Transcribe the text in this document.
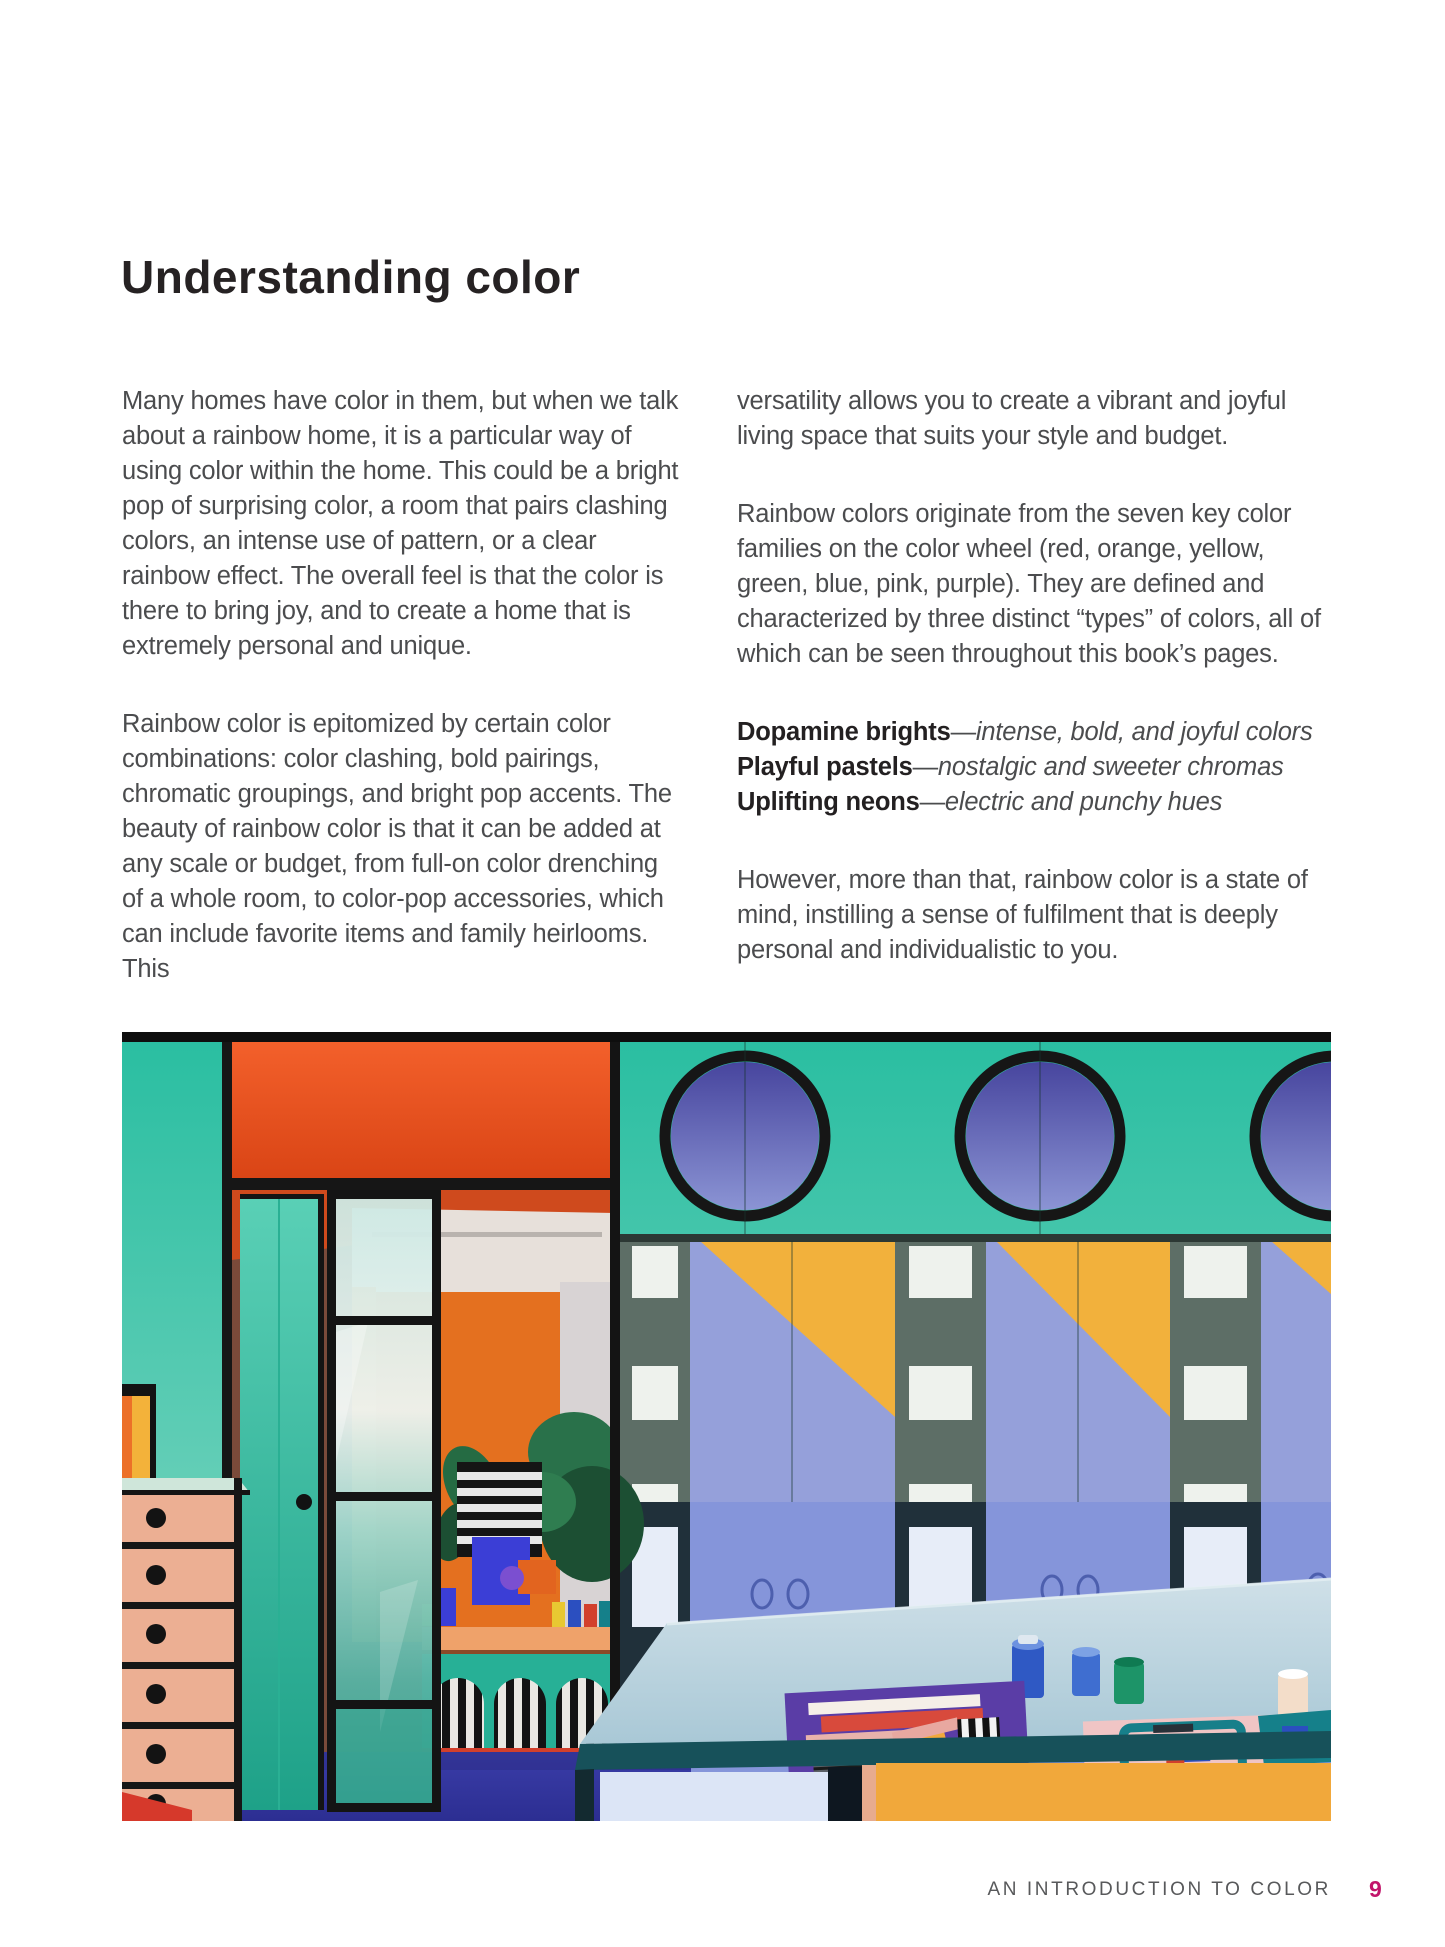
Understanding color

Many homes have color in them, but when we talk about a rainbow home, it is a particular way of using color within the home. This could be a bright pop of surprising color, a room that pairs clashing colors, an intense use of pattern, or a clear rainbow effect. The overall feel is that the color is there to bring joy, and to create a home that is extremely personal and unique.

Rainbow color is epitomized by certain color combinations: color clashing, bold pairings, chromatic groupings, and bright pop accents. The beauty of rainbow color is that it can be added at any scale or budget, from full-on color drenching of a whole room, to color-pop accessories, which can include favorite items and family heirlooms. This

versatility allows you to create a vibrant and joyful living space that suits your style and budget.

Rainbow colors originate from the seven key color families on the color wheel (red, orange, yellow, green, blue, pink, purple). They are defined and characterized by three distinct “types” of colors, all of which can be seen throughout this book’s pages.

Dopamine brights—intense, bold, and joyful colors
Playful pastels—nostalgic and sweeter chromas
Uplifting neons—electric and punchy hues

However, more than that, rainbow color is a state of mind, instilling a sense of fulfilment that is deeply personal and individualistic to you.

AN INTRODUCTION TO COLOR 9
